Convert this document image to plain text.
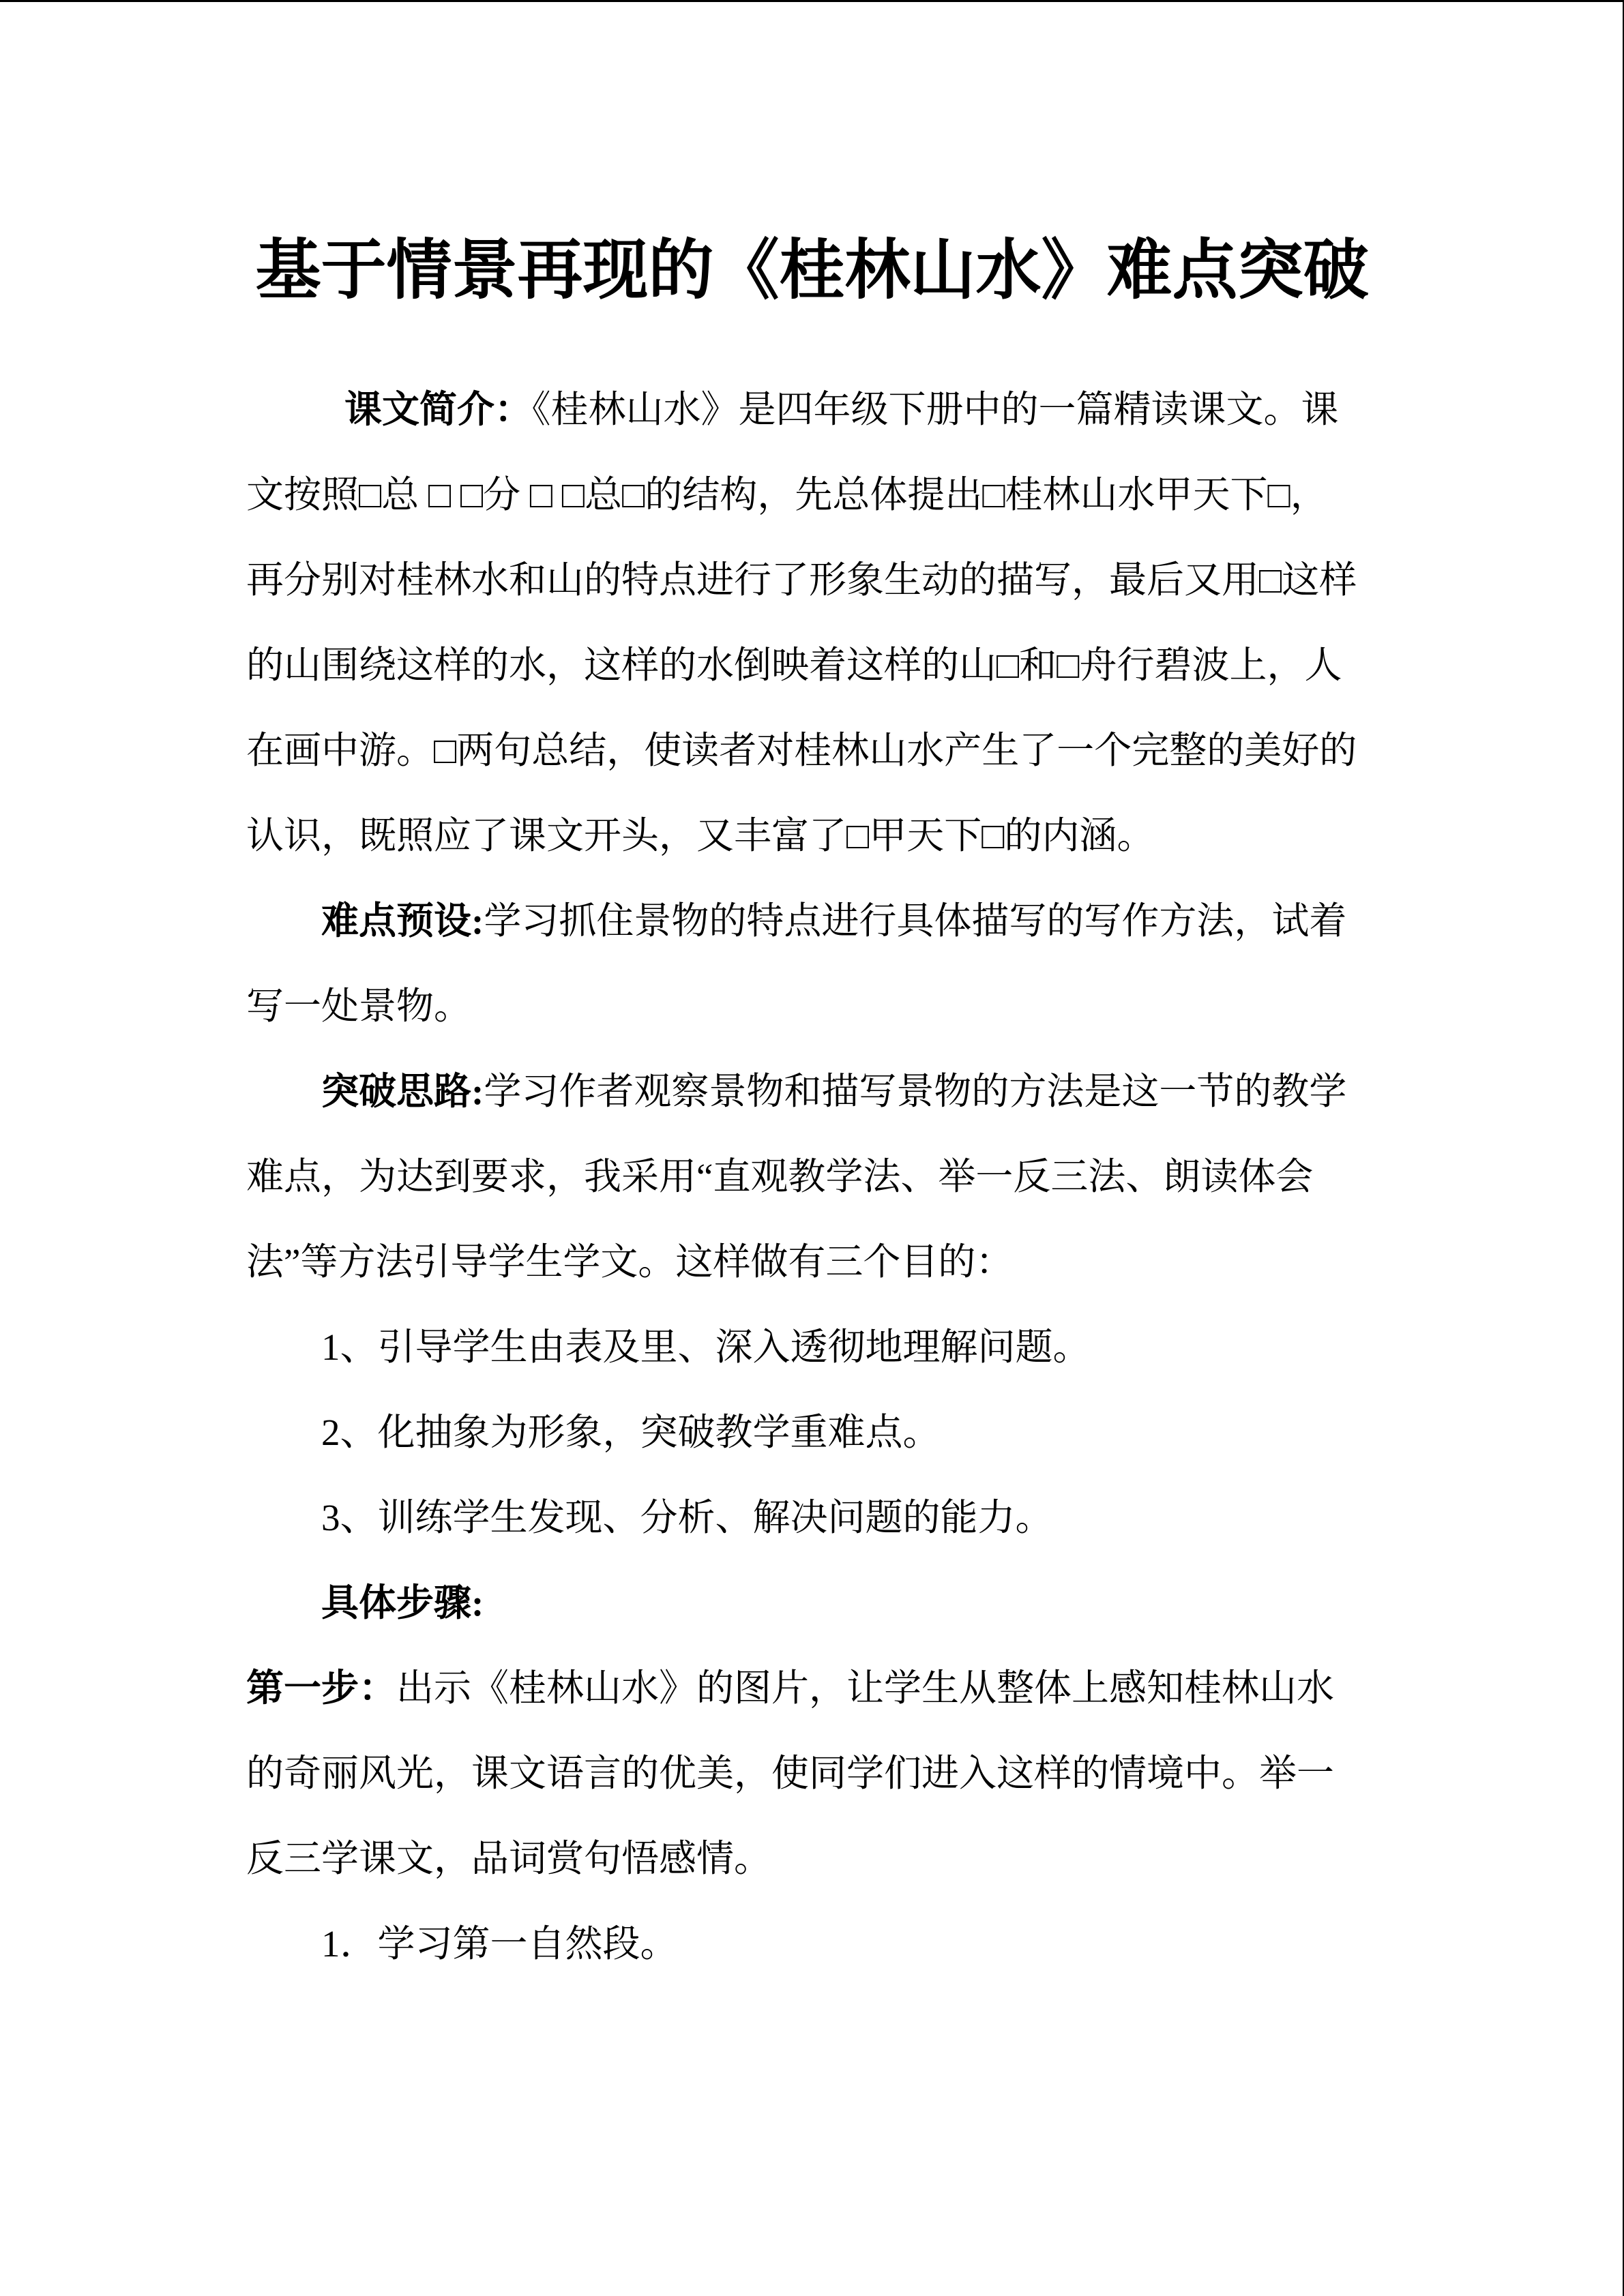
基于情景再现的《桂林山水》难点突破
课文简介：《桂林山水》是四年级下册中的一篇精读课文。课
文按照□总 □ □分 □ □总□的结构，先总体提出□桂林山水甲天下□，
再分别对桂林水和山的特点进行了形象生动的描写，最后又用□这样
的山围绕这样的水，这样的水倒映着这样的山□和□舟行碧波上，人
在画中游。□两句总结，使读者对桂林山水产生了一个完整的美好的
认识，既照应了课文开头，又丰富了□甲天下□的内涵。
难点预设:学习抓住景物的特点进行具体描写的写作方法，试着
写一处景物。
突破思路:学习作者观察景物和描写景物的方法是这一节的教学
难点，为达到要求，我采用“直观教学法、举一反三法、朗读体会
法”等方法引导学生学文。这样做有三个目的：
1、引导学生由表及里、深入透彻地理解问题。
2、化抽象为形象，突破教学重难点。
3、训练学生发现、分析、解决问题的能力。
具体步骤:
第一步：出示《桂林山水》的图片，让学生从整体上感知桂林山水
的奇丽风光，课文语言的优美，使同学们进入这样的情境中。举一
反三学课文，品词赏句悟感情。
1．学习第一自然段。
